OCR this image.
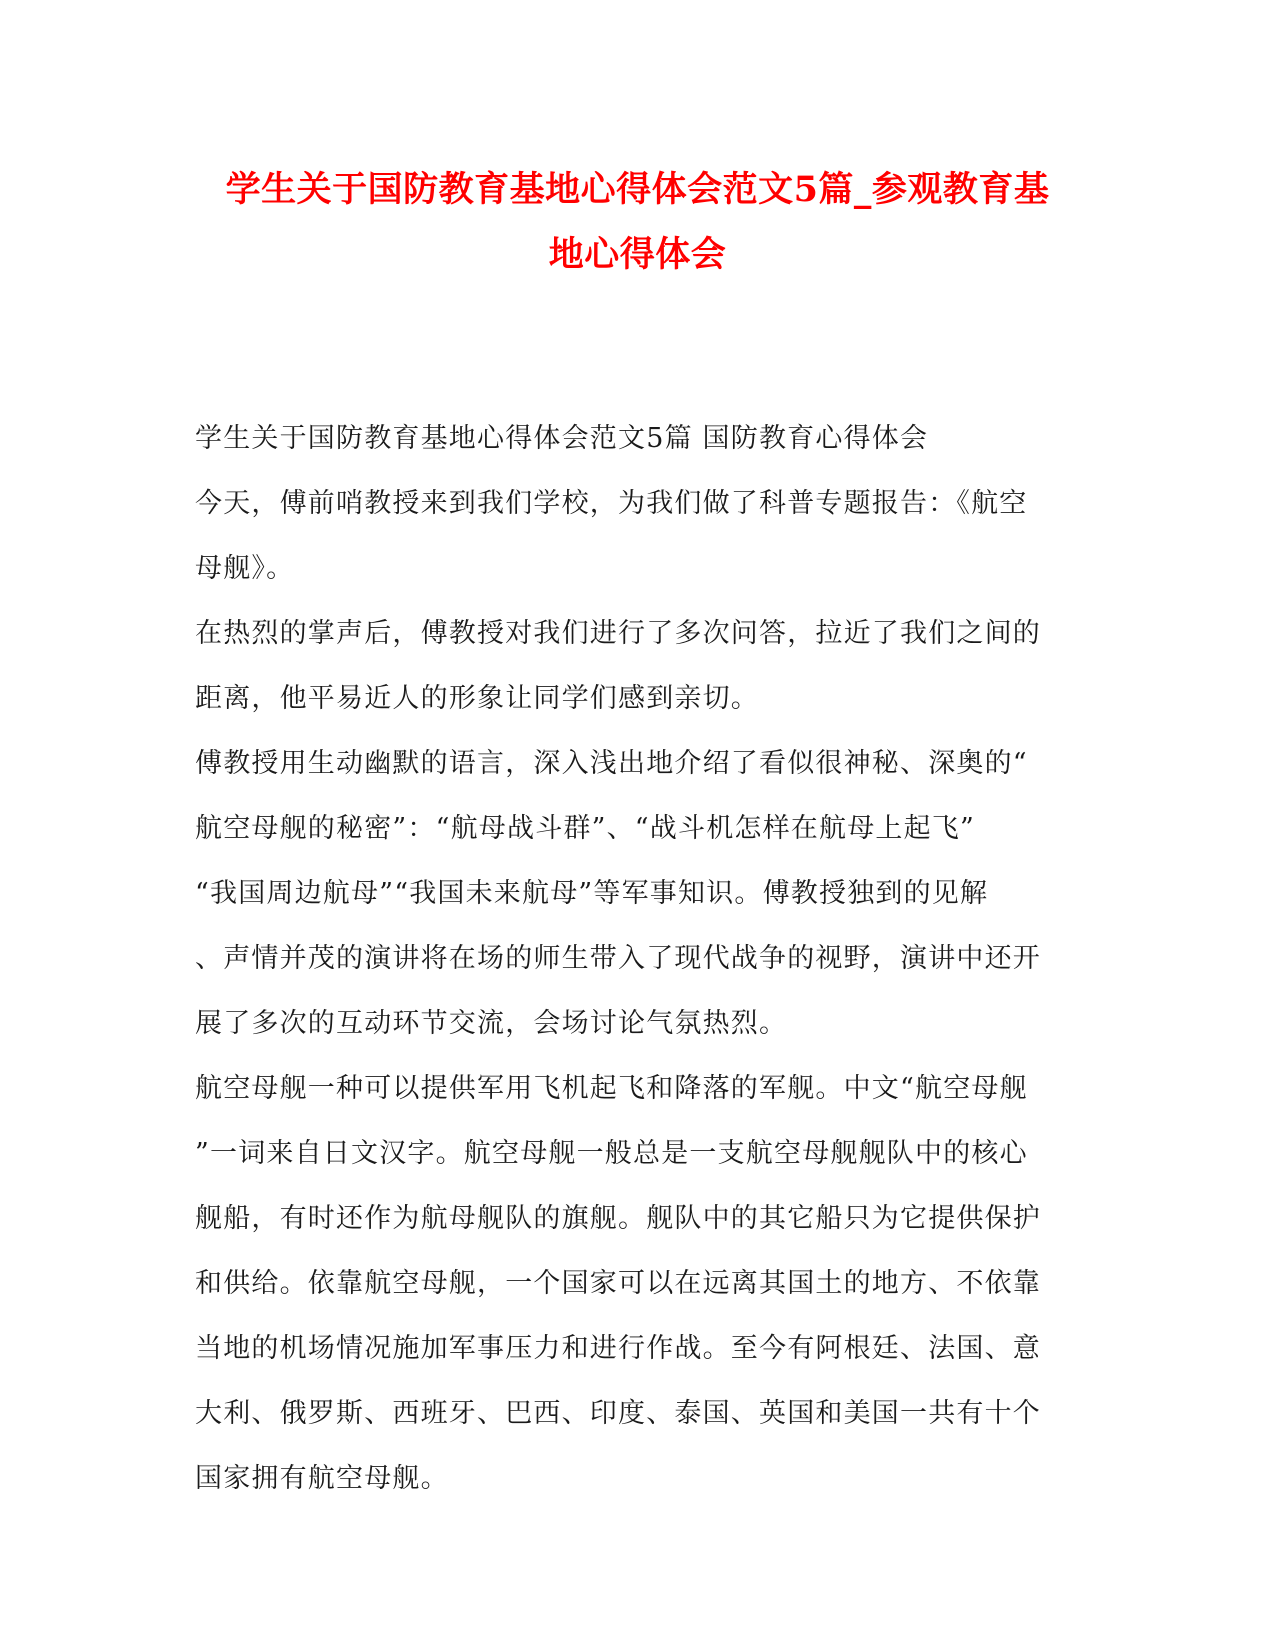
学生关于国防教育基地心得体会范文5篇_参观教育基
地心得体会

学生关于国防教育基地心得体会范文5篇 国防教育心得体会

今天，傅前哨教授来到我们学校，为我们做了科普专题报告：《航空
母舰》。

在热烈的掌声后，傅教授对我们进行了多次问答，拉近了我们之间的
距离，他平易近人的形象让同学们感到亲切。

傅教授用生动幽默的语言，深入浅出地介绍了看似很神秘、深奥的“
航空母舰的秘密”：“航母战斗群”、“战斗机怎样在航母上起飞”
“我国周边航母”“我国未来航母”等军事知识。傅教授独到的见解
、声情并茂的演讲将在场的师生带入了现代战争的视野，演讲中还开
展了多次的互动环节交流，会场讨论气氛热烈。

航空母舰一种可以提供军用飞机起飞和降落的军舰。中文“航空母舰
”一词来自日文汉字。航空母舰一般总是一支航空母舰舰队中的核心
舰船，有时还作为航母舰队的旗舰。舰队中的其它船只为它提供保护
和供给。依靠航空母舰，一个国家可以在远离其国土的地方、不依靠
当地的机场情况施加军事压力和进行作战。至今有阿根廷、法国、意
大利、俄罗斯、西班牙、巴西、印度、泰国、英国和美国一共有十个
国家拥有航空母舰。
